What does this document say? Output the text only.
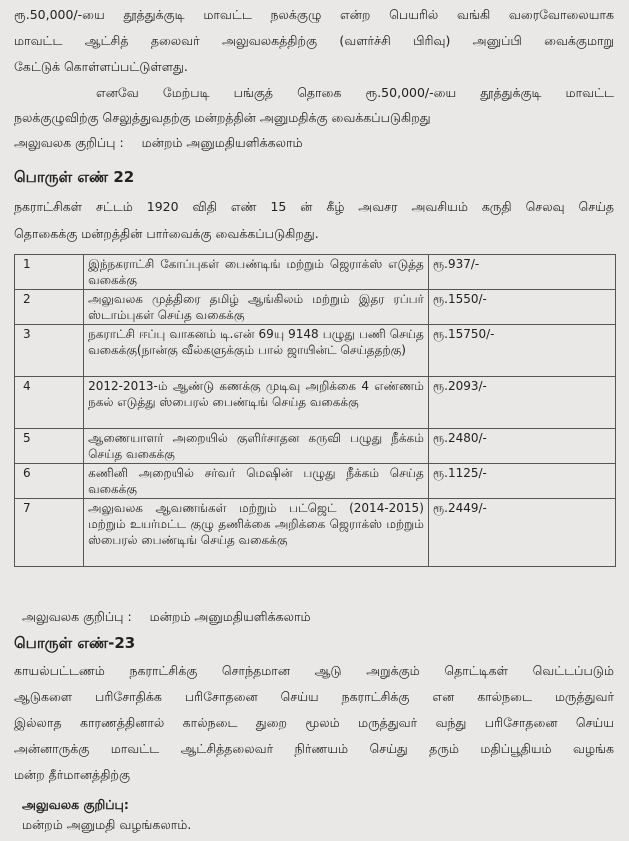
ரூ.50,000/-யை தூத்துக்குடி மாவட்ட நலக்குழு என்ற பெயரில் வங்கி வரைவோலையாக
மாவட்ட ஆட்சித் தலைவர் அலுவலகத்திற்கு (வளர்ச்சி பிரிவு) அனுப்பி வைக்குமாறு
கேட்டுக் கொள்ளப்பட்டுள்ளது.
எனவே மேற்படி பங்குத் தொகை ரூ.50,000/-யை தூத்துக்குடி மாவட்ட
நலக்குழுவிற்கு செலுத்துவதற்கு மன்றத்தின் அனுமதிக்கு வைக்கப்படுகிறது
அலுவலக குறிப்பு : மன்றம் அனுமதியளிக்கலாம்
பொருள் எண் 22
நகராட்சிகள் சட்டம் 1920 விதி எண் 15 ன் கீழ் அவசர அவசியம் கருதி செலவு செய்த
தொகைக்கு மன்றத்தின் பார்வைக்கு வைக்கப்படுகிறது.
1	இந்நகராட்சி கோப்புகள் பைண்டிங் மற்றும் ஜெராக்ஸ் எடுத்த வகைக்கு	ரூ.937/-
2	அலுவலக முத்திரை தமிழ் ஆங்கிலம் மற்றும் இதர ரப்பர் ஸ்டாம்புகள் செய்த வகைக்கு	ரூ.1550/-
3	நகராட்சி ஈப்பு வாகனம் டி.என் 69யு 9148 பழுது பணி செய்த வகைக்கு(நான்கு வீல்களுக்கும் பால் ஜாயின்ட் செய்ததற்கு)	ரூ.15750/-
4	2012-2013-ம் ஆண்டு கணக்கு முடிவு அறிக்கை 4 எண்ணம் நகல் எடுத்து ஸ்பைரல் பைண்டிங் செய்த வகைக்கு	ரூ.2093/-
5	ஆணையாளர் அறையில் குளிர்சாதன கருவி பழுது நீக்கம் செய்த வகைக்கு	ரூ.2480/-
6	கணினி அறையில் சர்வர் மெஷின் பழுது நீக்கம் செய்த வகைக்கு	ரூ.1125/-
7	அலுவலக ஆவணங்கள் மற்றும் பட்ஜெட் (2014-2015) மற்றும் உயர்மட்ட குழு தணிக்கை அறிக்கை ஜெராக்ஸ் மற்றும் ஸ்பைரல் பைண்டிங் செய்த வகைக்கு	ரூ.2449/-
அலுவலக குறிப்பு : மன்றம் அனுமதியளிக்கலாம்
பொருள் எண்-23
காயல்பட்டணம் நகராட்சிக்கு சொந்தமான ஆடு அறுக்கும் தொட்டிகள் வெட்டப்படும்
ஆடுகளை பரிசோதிக்க பரிசோதனை செய்ய நகராட்சிக்கு என கால்நடை மருத்துவர்
இல்லாத காரணத்தினால் கால்நடை துறை மூலம் மருத்துவர் வந்து பரிசோதனை செய்ய
அன்னாருக்கு மாவட்ட ஆட்சித்தலைவர் நிர்ணயம் செய்து தரும் மதிப்பூதியம் வழங்க
மன்ற தீர்மானத்திற்கு
அலுவலக குறிப்பு:
மன்றம் அனுமதி வழங்கலாம்.
